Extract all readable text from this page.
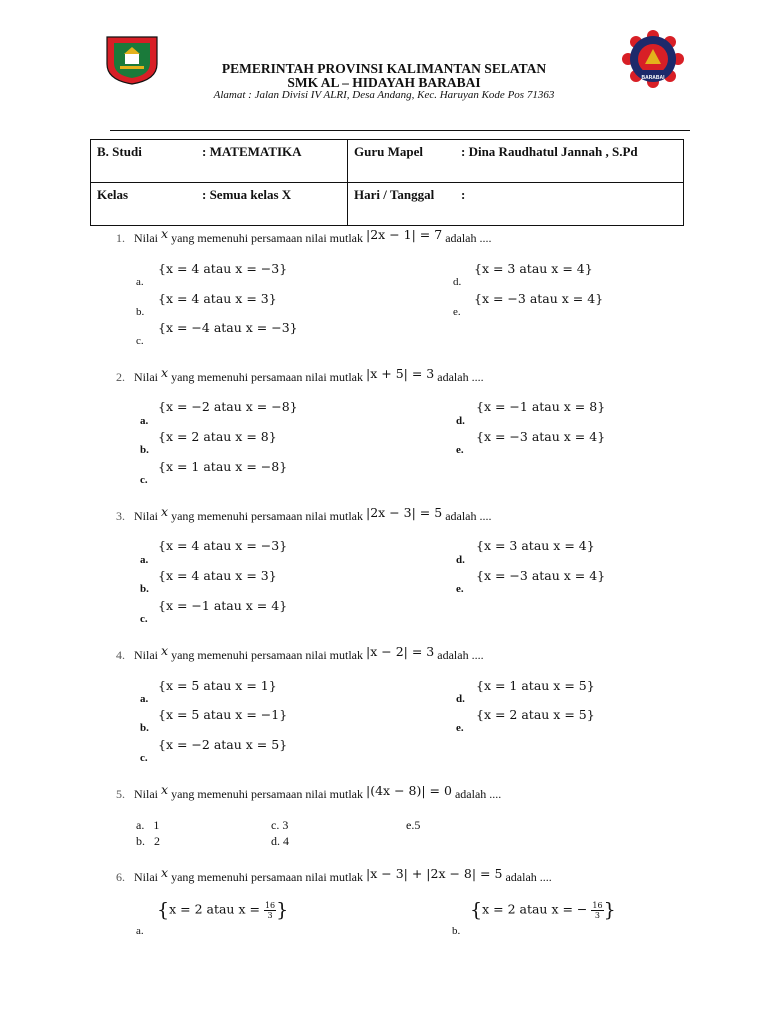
BARABAI
PEMERINTAH PROVINSI KALIMANTAN SELATAN
SMK AL – HIDAYAH BARABAI
Alamat : Jalan Divisi IV ALRI, Desa Andang, Kec. Haruyan Kode Pos 71363
B. Studi : MATEMATIKA	Guru Mapel : Dina Raudhatul Jannah , S.Pd
Kelas : Semua kelas X	Hari / Tanggal :
1. Nilai x yang memenuhi persamaan nilai mutlak |2x − 1| = 7 adalah ....
{x = 4 atau x = −3}
a.
{x = 4 atau x = 3}
b.
{x = −4 atau x = −3}
c.
{x = 3 atau x = 4}
d.
{x = −3 atau x = 4}
e.
2. Nilai x yang memenuhi persamaan nilai mutlak |x + 5| = 3 adalah ....
{x = −2 atau x = −8}
a.
{x = 2 atau x = 8}
b.
{x = 1 atau x = −8}
c.
{x = −1 atau x = 8}
d.
{x = −3 atau x = 4}
e.
3. Nilai x yang memenuhi persamaan nilai mutlak |2x − 3| = 5 adalah ....
{x = 4 atau x = −3}
a.
{x = 4 atau x = 3}
b.
{x = −1 atau x = 4}
c.
{x = 3 atau x = 4}
d.
{x = −3 atau x = 4}
e.
4. Nilai x yang memenuhi persamaan nilai mutlak |x − 2| = 3 adalah ....
{x = 5 atau x = 1}
a.
{x = 5 atau x = −1}
b.
{x = −2 atau x = 5}
c.
{x = 1 atau x = 5}
d.
{x = 2 atau x = 5}
e.
5. Nilai x yang memenuhi persamaan nilai mutlak |(4x − 8)| = 0 adalah ....
a. 1
b. 2
c. 3
d. 4
e.5
6. Nilai x yang memenuhi persamaan nilai mutlak |x − 3| + |2x − 8| = 5 adalah ....
{x = 2 atau $x = \frac{16}{3}$ }
a.
{x = 2 atau x = − $\frac{16}{3}$ }
b.
